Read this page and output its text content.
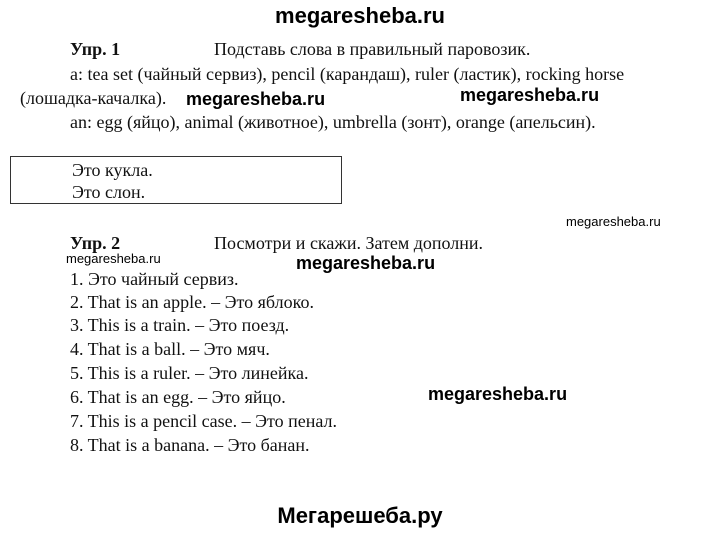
megaresheba.ru
Упр. 1	Подставь слова в правильный паровозик.
a: tea set (чайный сервиз), pencil (карандаш), ruler (ластик), rocking horse
(лошадка-качалка).
an: egg (яйцо), animal (животное), umbrella (зонт), orange (апельсин).
Это кукла.
Это слон.
Упр. 2	Посмотри и скажи. Затем дополни.
1. Это чайный сервиз.
2. That is an apple. – Это яблоко.
3. This is a train. – Это поезд.
4. That is a ball. – Это мяч.
5. This is a ruler. – Это линейка.
6. That is an egg. – Это яйцо.
7. This is a pencil case. – Это пенал.
8. That is a banana. – Это банан.
megaresheba.ru	megaresheba.ru
megaresheba.ru
megaresheba.ru	megaresheba.ru
megaresheba.ru
Мегарешеба.ру
